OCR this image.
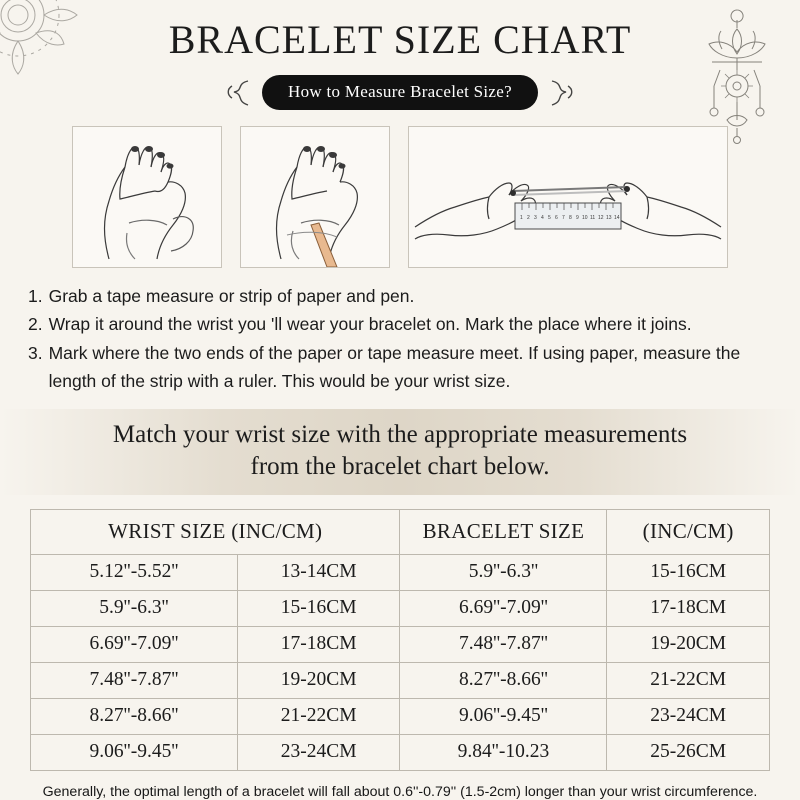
BRACELET SIZE CHART
How to Measure Bracelet Size?
1 2 3 4 5 6 7 8 9 10 11 12 13 14
1. Grab a tape measure or strip of paper and pen.
2. Wrap it around the wrist you 'll wear your bracelet on. Mark the place where it joins.
3. Mark where the two ends of the paper or tape measure meet. If using paper, measure the length of the strip with a ruler. This would be your wrist size.
Match your wrist size with the appropriate measurements
from the bracelet chart below.
WRIST SIZE (INC/CM)		BRACELET SIZE	(INC/CM)
5.12''-5.52''	13-14CM	5.9''-6.3''	15-16CM
5.9''-6.3''	15-16CM	6.69''-7.09''	17-18CM
6.69''-7.09''	17-18CM	7.48''-7.87''	19-20CM
7.48''-7.87''	19-20CM	8.27''-8.66''	21-22CM
8.27''-8.66''	21-22CM	9.06''-9.45''	23-24CM
9.06''-9.45''	23-24CM	9.84''-10.23	25-26CM
Generally, the optimal length of a bracelet will fall about 0.6''-0.79'' (1.5-2cm) longer than your wrist circumference.
